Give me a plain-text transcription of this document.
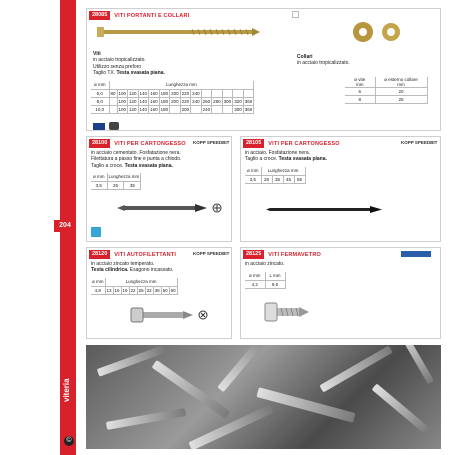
viteria
204
©
28085	VITI PORTANTI E COLLARI
Viti
in acciaio tropicalizzato.
Utilizzo senza preforo
Taglio TX. Testa svasata piana.
ø mm	Lunghezza mm													
6,0	80	100	120	140	160	180	200	220	240					
8,0		100	120	140	160	180	200	220	240	260	280	300	320	360
10,0		100	120	140	160	180		200		240			300	360
Collari
in acciaio tropicalizzato.
ø vite
mm	ø esterno collare
mm
6	20
8	25
28100	VITI PER CARTONGESSO KOPP SPEEDBIT
in acciaio cementato. Fosfatazione nera.
Filettatura a passo fine e punta a chiodo.
Taglio a croce. Testa svasata piana.
ø mm	Lunghezza mm	
3,5	25	35
28105	VITI PER CARTONGESSO	KOPP SPEEDBIT
in acciaio. Fosfatazione nera.
Taglio a croce. Testa svasata piana.
ø mm	Lunghezza mm			
3,5	25	35	45	55
28120	VITI AUTOFILETTANTI	KOPP SPEEDBIT
in acciaio zincato temperato.
Testa cilindrica. Esagono incassato.
ø mm	Lunghezza mm								
4,8	13	16	19	22	25	32	38	50	60
28125	VITI FERMAVETRO
in acciaio zincato.
ø mm	L mm
4,2	9,5
